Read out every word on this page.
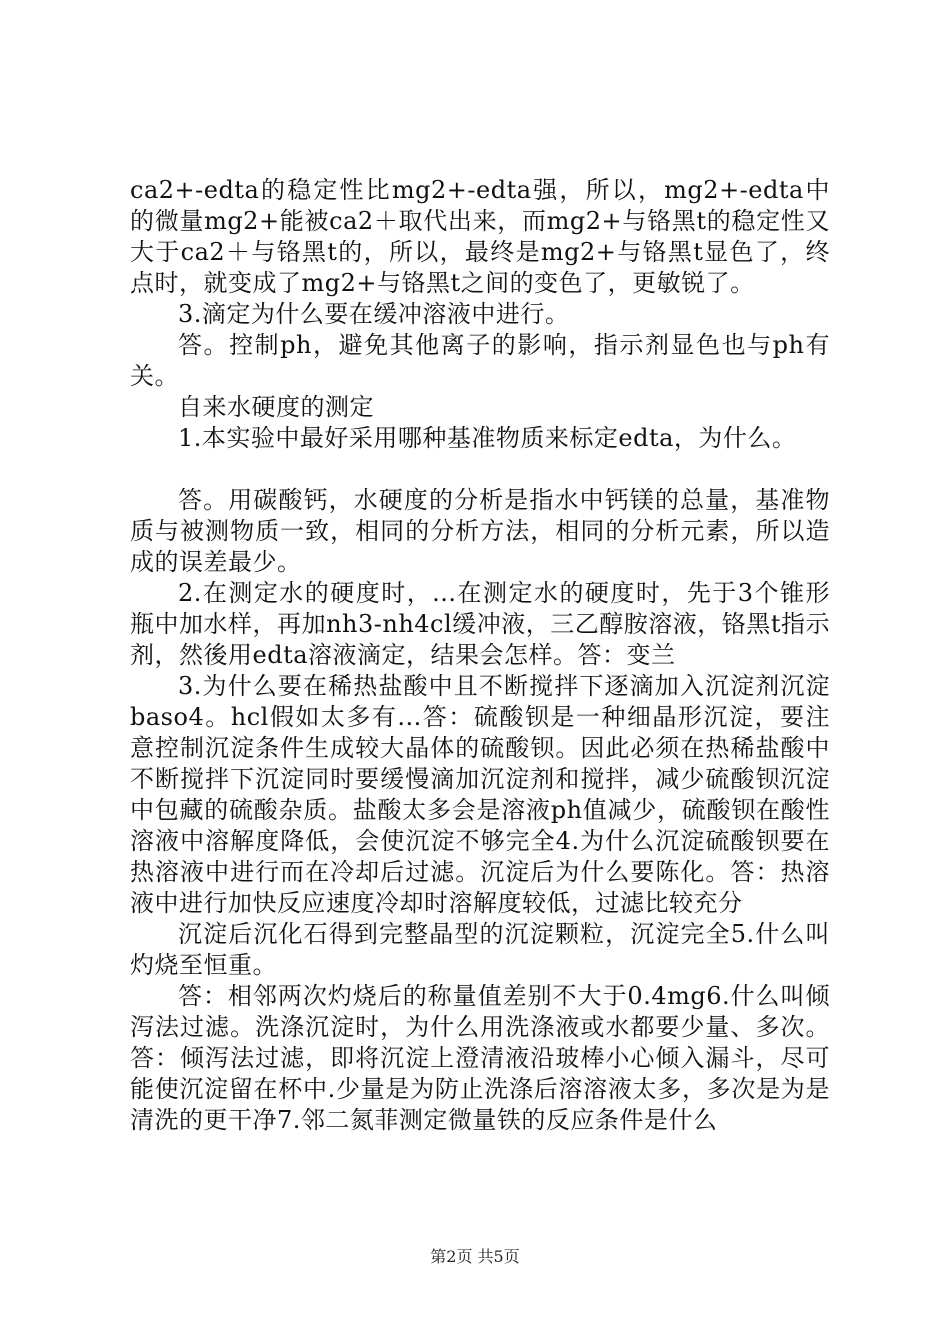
ca2+-edta的稳定性比mg2+-edta强，所以，mg2+-edta中的微量mg2+能被ca2＋取代出来，而mg2+与铬黑t的稳定性又大于ca2＋与铬黑t的，所以，最终是mg2+与铬黑t显色了，终点时，就变成了mg2+与铬黑t之间的变色了，更敏锐了。

3.滴定为什么要在缓冲溶液中进行。

答。控制ph，避免其他离子的影响，指示剂显色也与ph有关。

自来水硬度的测定

1.本实验中最好采用哪种基准物质来标定edta，为什么。

答。用碳酸钙，水硬度的分析是指水中钙镁的总量，基准物质与被测物质一致，相同的分析方法，相同的分析元素，所以造成的误差最少。

2.在测定水的硬度时，...在测定水的硬度时，先于3个锥形瓶中加水样，再加nh3-nh4cl缓冲液，三乙醇胺溶液，铬黑t指示剂，然後用edta溶液滴定，结果会怎样。答：变兰

3.为什么要在稀热盐酸中且不断搅拌下逐滴加入沉淀剂沉淀baso4。hcl假如太多有...答：硫酸钡是一种细晶形沉淀，要注意控制沉淀条件生成较大晶体的硫酸钡。因此必须在热稀盐酸中不断搅拌下沉淀同时要缓慢滴加沉淀剂和搅拌，减少硫酸钡沉淀中包藏的硫酸杂质。盐酸太多会是溶液ph值减少，硫酸钡在酸性溶液中溶解度降低，会使沉淀不够完全4.为什么沉淀硫酸钡要在热溶液中进行而在冷却后过滤。沉淀后为什么要陈化。答：热溶液中进行加快反应速度冷却时溶解度较低，过滤比较充分

沉淀后沉化石得到完整晶型的沉淀颗粒，沉淀完全5.什么叫灼烧至恒重。

答：相邻两次灼烧后的称量值差别不大于0.4mg6.什么叫倾泻法过滤。洗涤沉淀时，为什么用洗涤液或水都要少量、多次。答：倾泻法过滤，即将沉淀上澄清液沿玻棒小心倾入漏斗，尽可能使沉淀留在杯中.少量是为防止洗涤后溶溶液太多，多次是为是清洗的更干净7.邻二氮菲测定微量铁的反应条件是什么

第2页 共5页
